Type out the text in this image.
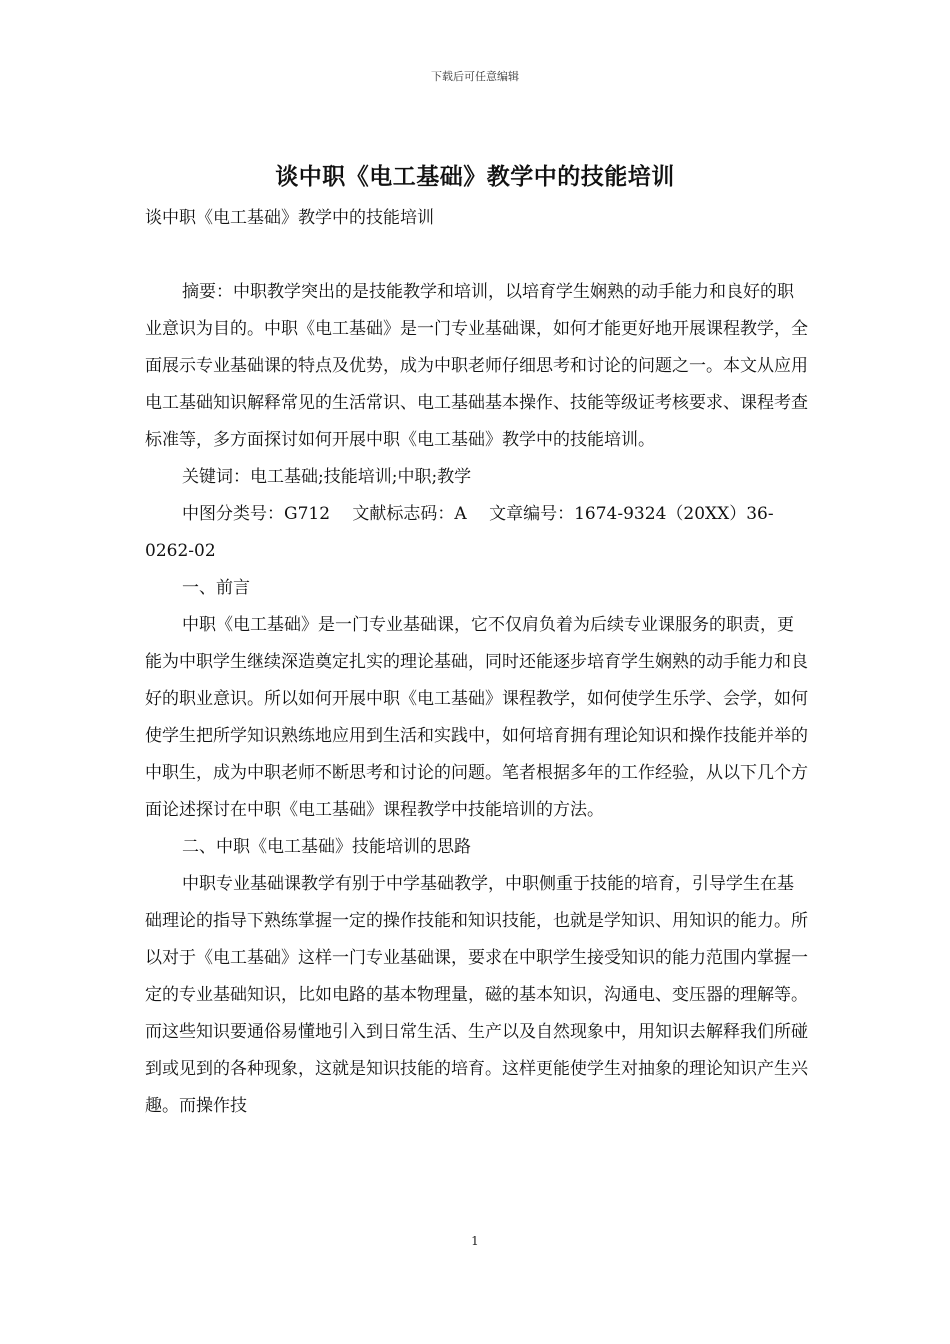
下载后可任意编辑
谈中职《电工基础》教学中的技能培训

谈中职《电工基础》教学中的技能培训

摘要：中职教学突出的是技能教学和培训，以培育学生娴熟的动手能力和良好的职业意识为目的。中职《电工基础》是一门专业基础课，如何才能更好地开展课程教学，全面展示专业基础课的特点及优势，成为中职老师仔细思考和讨论的问题之一。本文从应用电工基础知识解释常见的生活常识、电工基础基本操作、技能等级证考核要求、课程考查标准等，多方面探讨如何开展中职《电工基础》教学中的技能培训。

关键词：电工基础;技能培训;中职;教学

中图分类号：G712　 文献标志码：A　 文章编号：1674-9324（20XX）36-0262-02

一、前言

中职《电工基础》是一门专业基础课，它不仅肩负着为后续专业课服务的职责，更能为中职学生继续深造奠定扎实的理论基础，同时还能逐步培育学生娴熟的动手能力和良好的职业意识。所以如何开展中职《电工基础》课程教学，如何使学生乐学、会学，如何使学生把所学知识熟练地应用到生活和实践中，如何培育拥有理论知识和操作技能并举的中职生，成为中职老师不断思考和讨论的问题。笔者根据多年的工作经验，从以下几个方面论述探讨在中职《电工基础》课程教学中技能培训的方法。

二、中职《电工基础》技能培训的思路

中职专业基础课教学有别于中学基础教学，中职侧重于技能的培育，引导学生在基础理论的指导下熟练掌握一定的操作技能和知识技能，也就是学知识、用知识的能力。所以对于《电工基础》这样一门专业基础课，要求在中职学生接受知识的能力范围内掌握一定的专业基础知识，比如电路的基本物理量，磁的基本知识，沟通电、变压器的理解等。而这些知识要通俗易懂地引入到日常生活、生产以及自然现象中，用知识去解释我们所碰到或见到的各种现象，这就是知识技能的培育。这样更能使学生对抽象的理论知识产生兴趣。而操作技

1
